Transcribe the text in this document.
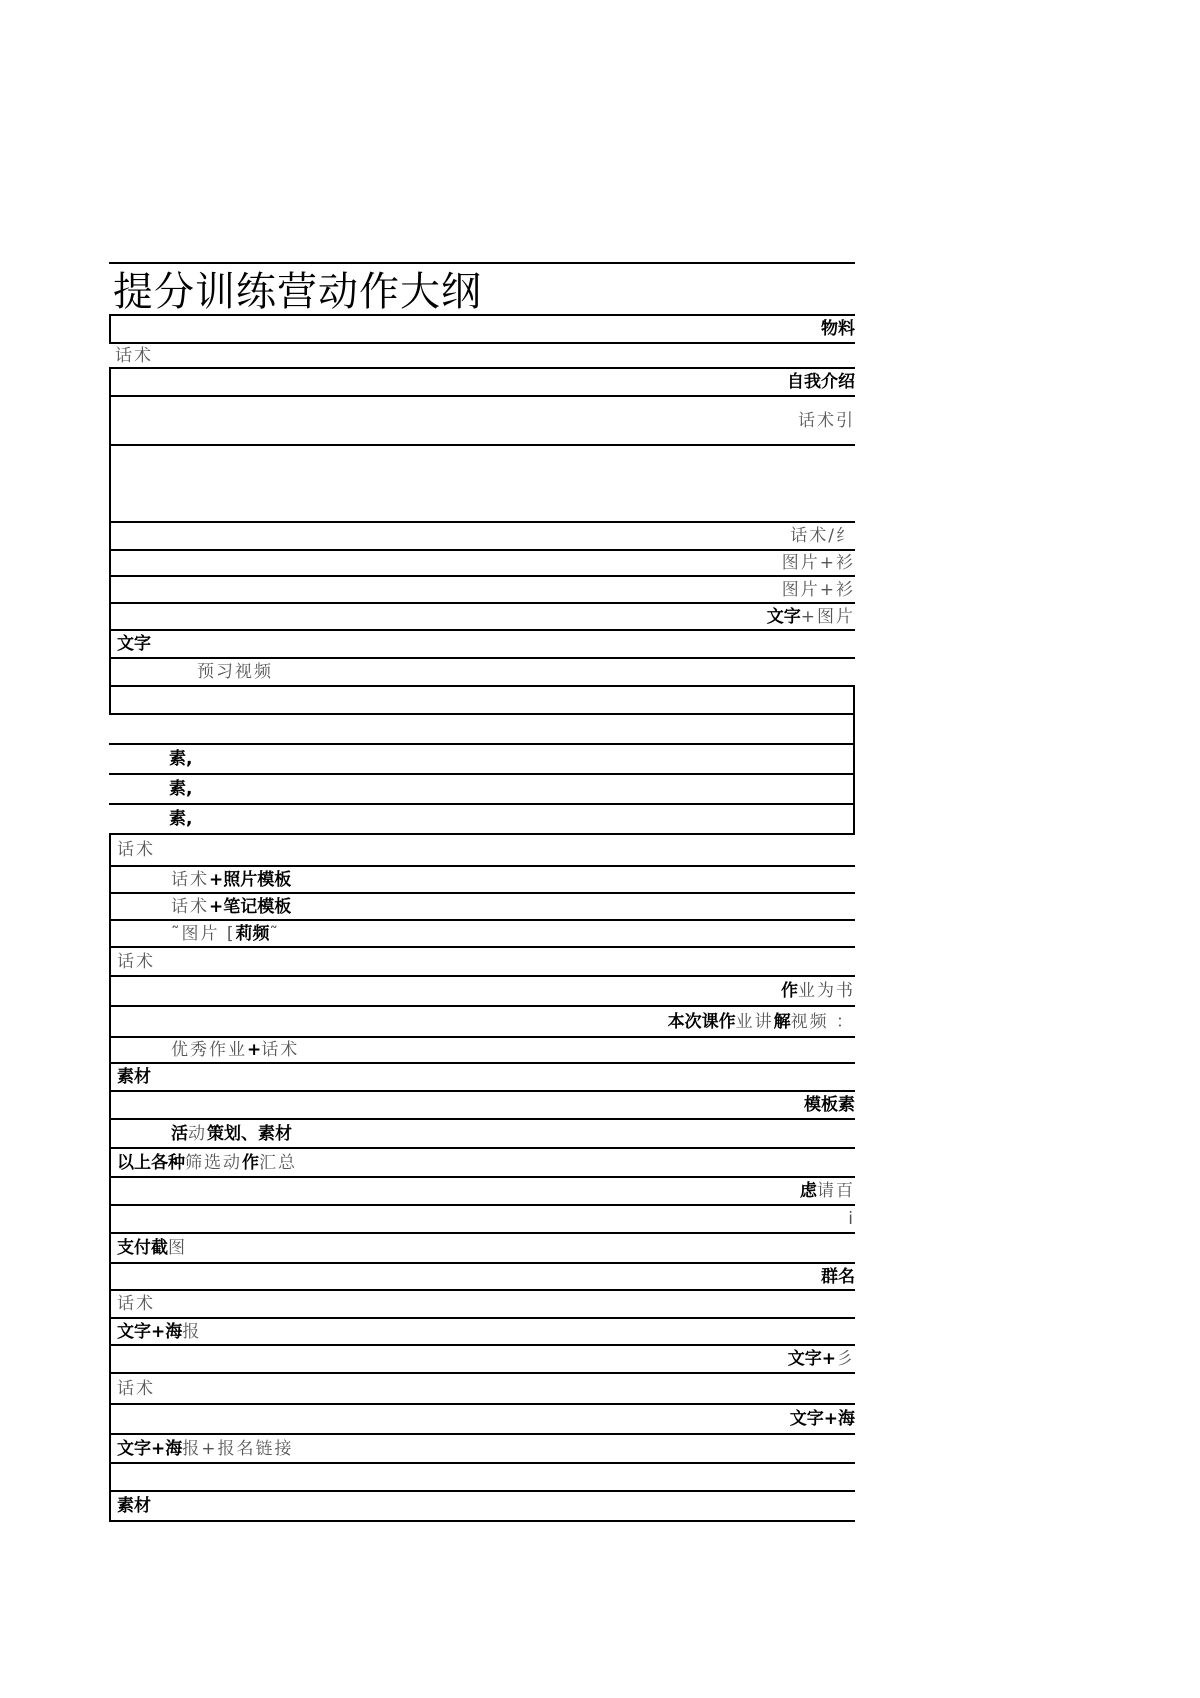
提分训练营动作大纲
物料
话术
自我介绍
话术引
话术/纟
图片+衫
图片+衫
文字+图片
文字
预习视频
素,
素,
素,
话术
话术+照片模板
话术+笔记模板
˜图片 [莉频˜
话术
作业为书
本次课作业讲解视频 ：
优秀作业+话术
素材
模板素
活动策划、素材
以上各种筛选动作汇总
虑请百
i
支付截图
群名
话术
文字+海报
文字+彡
话术
文字+海
文字+海报+报名链接
素材
